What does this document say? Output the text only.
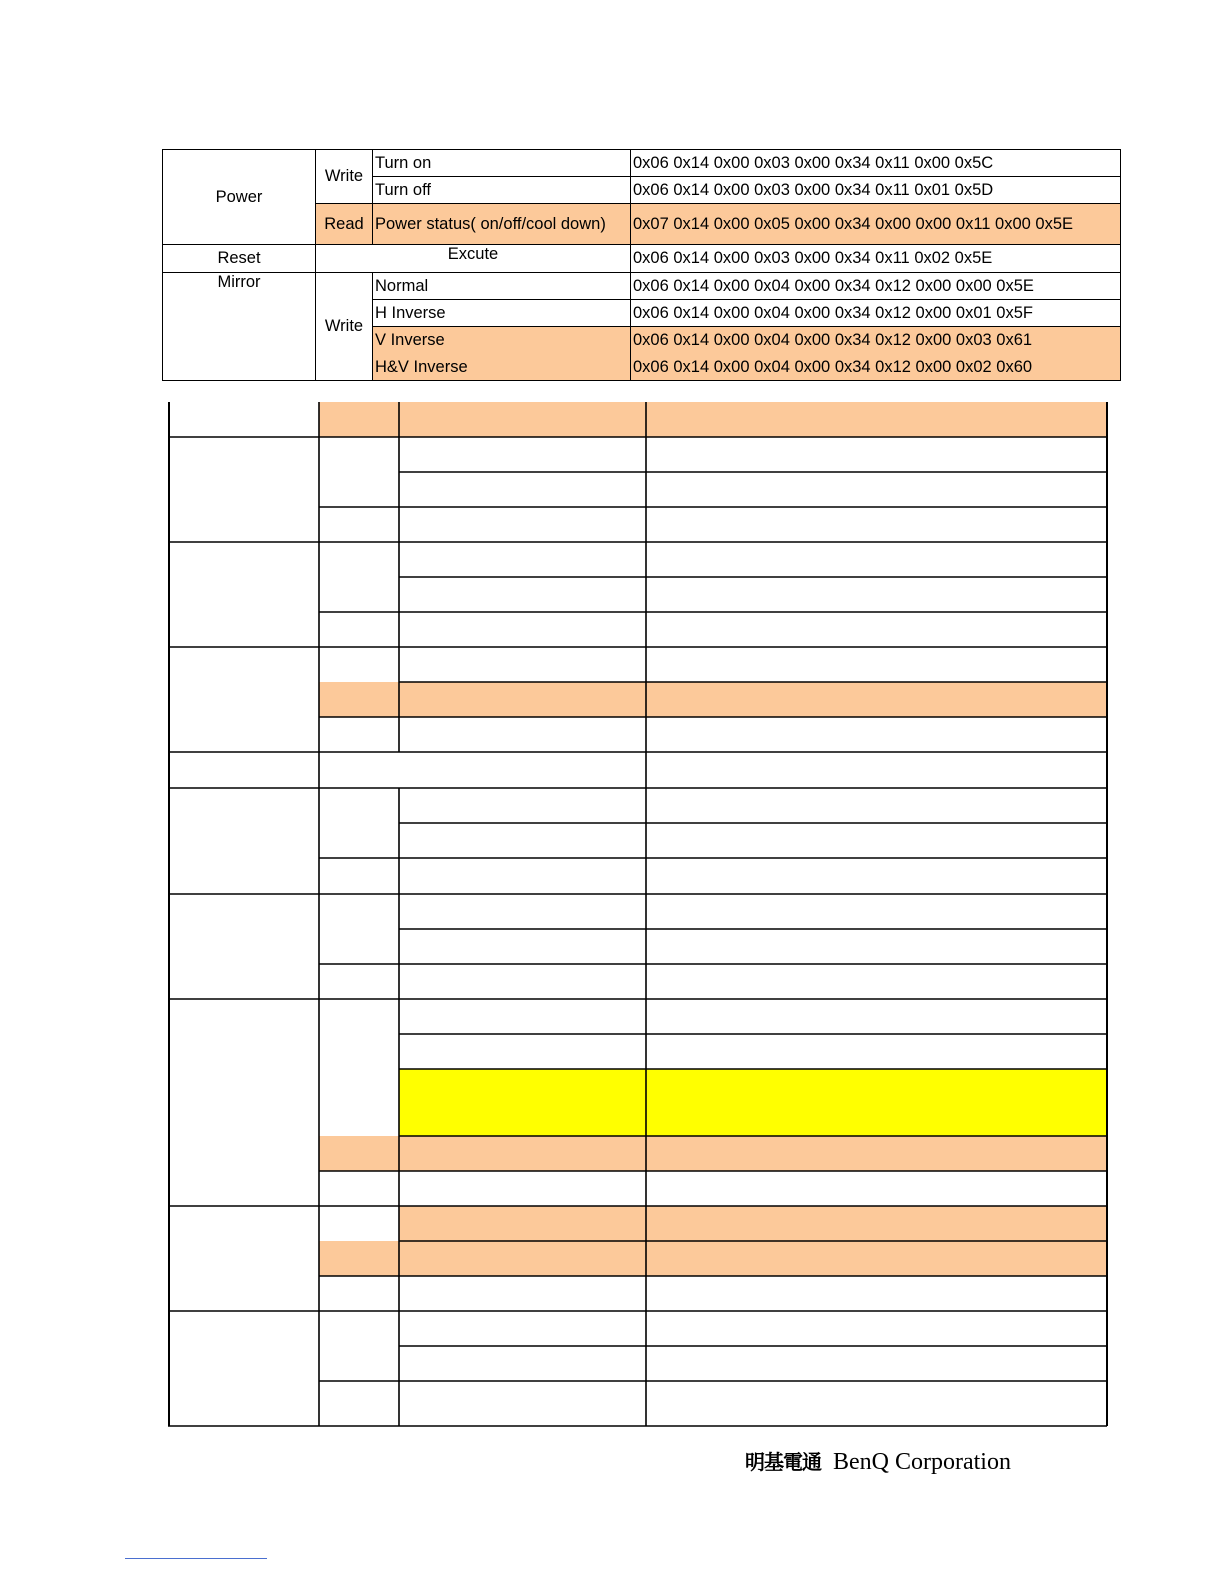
Power	Write	Turn on	0x06 0x14 0x00 0x03 0x00 0x34 0x11 0x00 0x5C
		Turn off	0x06 0x14 0x00 0x03 0x00 0x34 0x11 0x01 0x5D
	Read	Power status( on/off/cool down)	0x07 0x14 0x00 0x05 0x00 0x34 0x00 0x00 0x11 0x00 0x5E
Reset	Excute		0x06 0x14 0x00 0x03 0x00 0x34 0x11 0x02 0x5E
Mirror	Write	Normal	0x06 0x14 0x00 0x04 0x00 0x34 0x12 0x00 0x00 0x5E
		H Inverse	0x06 0x14 0x00 0x04 0x00 0x34 0x12 0x00 0x01 0x5F
		V Inverse	0x06 0x14 0x00 0x04 0x00 0x34 0x12 0x00 0x03 0x61
		H&V Inverse	0x06 0x14 0x00 0x04 0x00 0x34 0x12 0x00 0x02 0x60
明基電通 BenQ Corporation
